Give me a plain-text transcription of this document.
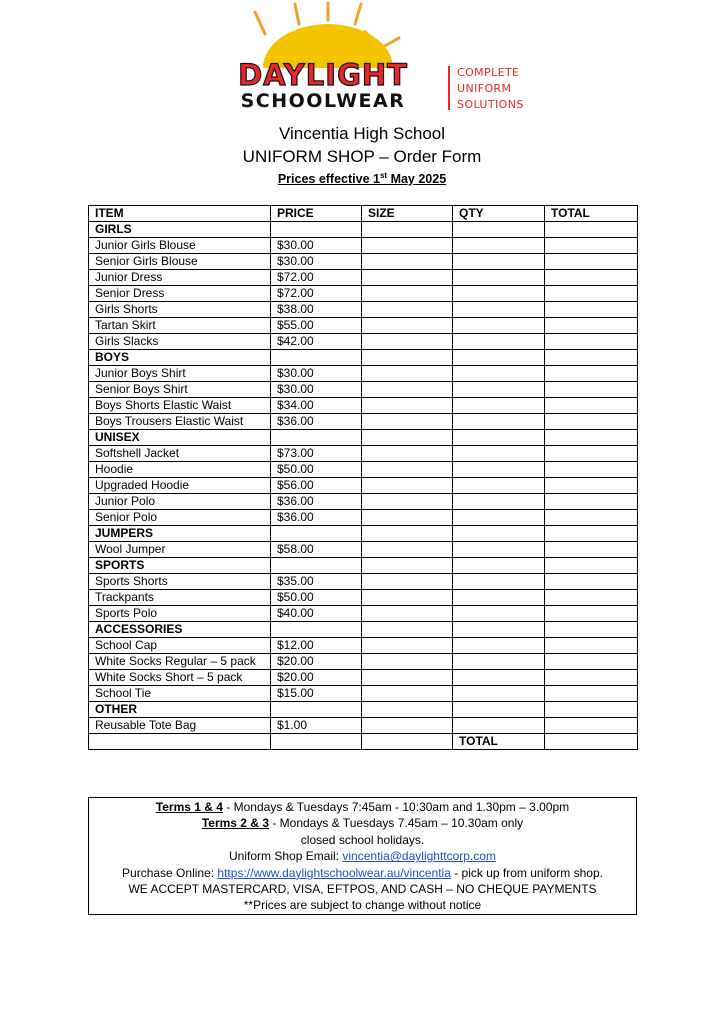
DAYLIGHT
SCHOOLWEAR
COMPLETE
UNIFORM
SOLUTIONS
Vincentia High School
UNIFORM SHOP – Order Form
Prices effective 1st May 2025
ITEM	PRICE	SIZE	QTY	TOTAL
GIRLS				
Junior Girls Blouse	$30.00			
Senior Girls Blouse	$30.00			
Junior Dress	$72.00			
Senior Dress	$72.00			
Girls Shorts	$38.00			
Tartan Skirt	$55.00			
Girls Slacks	$42.00			
BOYS				
Junior Boys Shirt	$30.00			
Senior Boys Shirt	$30.00			
Boys Shorts Elastic Waist	$34.00			
Boys Trousers Elastic Waist	$36.00			
UNISEX				
Softshell Jacket	$73.00			
Hoodie	$50.00			
Upgraded Hoodie	$56.00			
Junior Polo	$36.00			
Senior Polo	$36.00			
JUMPERS				
Wool Jumper	$58.00			
SPORTS				
Sports Shorts	$35.00			
Trackpants	$50.00			
Sports Polo	$40.00			
ACCESSORIES				
School Cap	$12.00			
White Socks Regular – 5 pack	$20.00			
White Socks Short – 5 pack	$20.00			
School Tie	$15.00			
OTHER				
Reusable Tote Bag	$1.00			
			TOTAL	
Terms 1 & 4 - Mondays & Tuesdays 7:45am - 10:30am and 1.30pm – 3.00pm
Terms 2 & 3 - Mondays & Tuesdays 7.45am – 10.30am only
closed school holidays.
Uniform Shop Email: vincentia@daylighttcorp.com
Purchase Online: https://www.daylightschoolwear.au/vincentia - pick up from uniform shop.
WE ACCEPT MASTERCARD, VISA, EFTPOS, AND CASH – NO CHEQUE PAYMENTS
**Prices are subject to change without notice
